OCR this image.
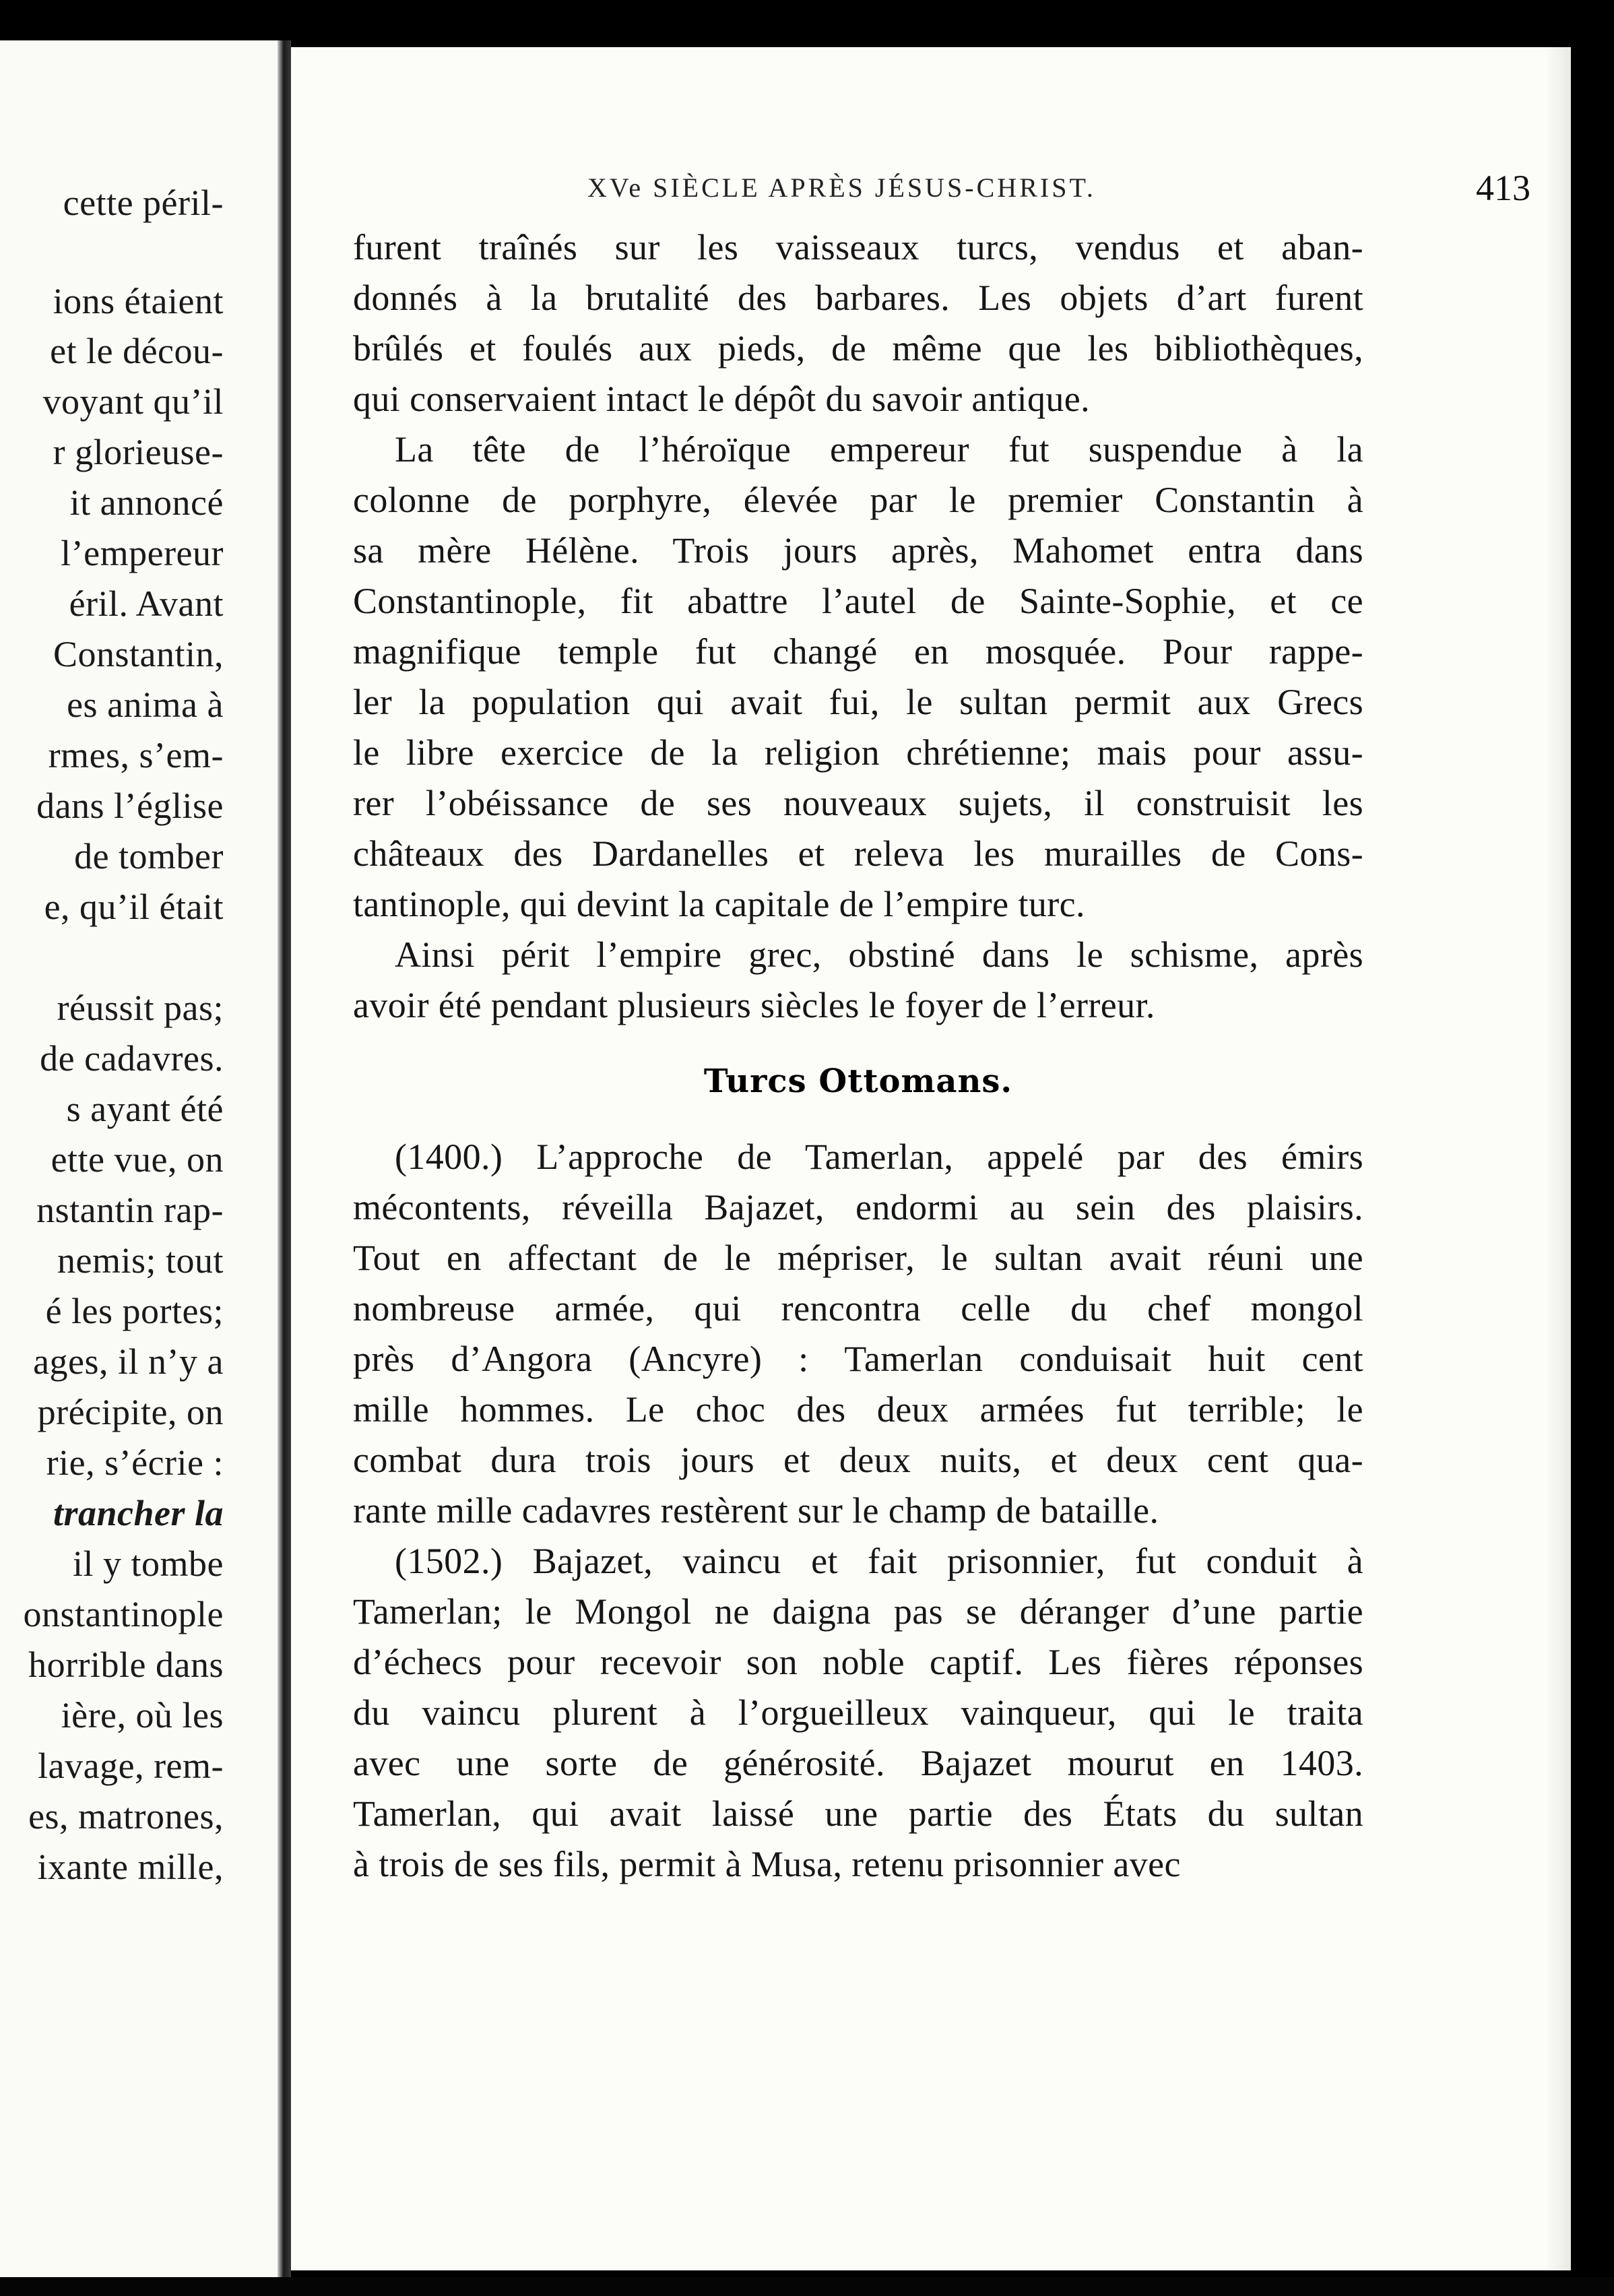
cette péril-
ions étaient
et le décou-
voyant qu’il
r glorieuse-
it annoncé
l’empereur
éril. Avant
Constantin,
es anima à
rmes, s’em-
dans l’église
de tomber
e, qu’il était
réussit pas;
de cadavres.
s ayant été
ette vue, on
nstantin rap-
nemis; tout
é les portes;
ages, il n’y a
précipite, on
rie, s’écrie :
trancher la
il y tombe
onstantinople
horrible dans
ière, où les
lavage, rem-
es, matrones,
ixante mille,
XVe SIÈCLE APRÈS JÉSUS-CHRIST.	413
furent traînés sur les vaisseaux turcs, vendus et aban-
donnés à la brutalité des barbares. Les objets d’art furent
brûlés et foulés aux pieds, de même que les bibliothèques,
qui conservaient intact le dépôt du savoir antique.
La tête de l’héroïque empereur fut suspendue à la
colonne de porphyre, élevée par le premier Constantin à
sa mère Hélène. Trois jours après, Mahomet entra dans
Constantinople, fit abattre l’autel de Sainte-Sophie, et ce
magnifique temple fut changé en mosquée. Pour rappe-
ler la population qui avait fui, le sultan permit aux Grecs
le libre exercice de la religion chrétienne; mais pour assu-
rer l’obéissance de ses nouveaux sujets, il construisit les
châteaux des Dardanelles et releva les murailles de Cons-
tantinople, qui devint la capitale de l’empire turc.
Ainsi périt l’empire grec, obstiné dans le schisme, après
avoir été pendant plusieurs siècles le foyer de l’erreur.
Turcs Ottomans.
(1400.) L’approche de Tamerlan, appelé par des émirs
mécontents, réveilla Bajazet, endormi au sein des plaisirs.
Tout en affectant de le mépriser, le sultan avait réuni une
nombreuse armée, qui rencontra celle du chef mongol
près d’Angora (Ancyre) : Tamerlan conduisait huit cent
mille hommes. Le choc des deux armées fut terrible; le
combat dura trois jours et deux nuits, et deux cent qua-
rante mille cadavres restèrent sur le champ de bataille.
(1502.) Bajazet, vaincu et fait prisonnier, fut conduit à
Tamerlan; le Mongol ne daigna pas se déranger d’une partie
d’échecs pour recevoir son noble captif. Les fières réponses
du vaincu plurent à l’orgueilleux vainqueur, qui le traita
avec une sorte de générosité. Bajazet mourut en 1403.
Tamerlan, qui avait laissé une partie des États du sultan
à trois de ses fils, permit à Musa, retenu prisonnier avec
